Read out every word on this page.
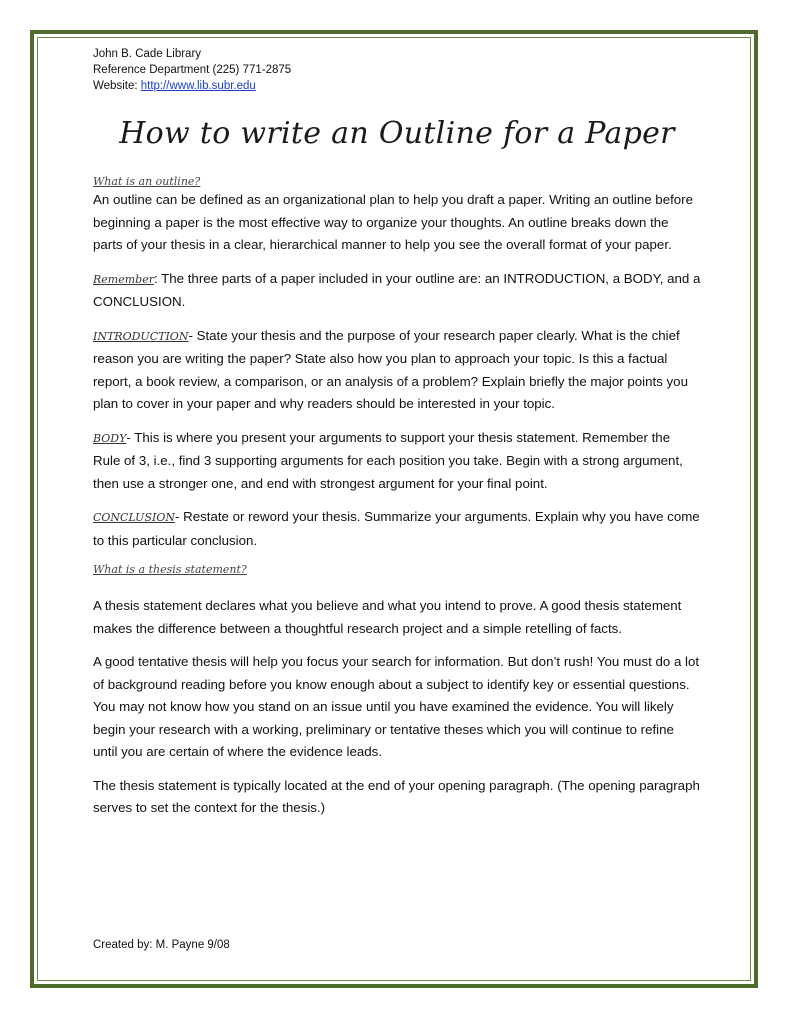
John B. Cade Library
Reference Department (225) 771-2875
Website: http://www.lib.subr.edu
How to write an Outline for a Paper
What is an outline?

An outline can be defined as an organizational plan to help you draft a paper. Writing an outline before beginning a paper is the most effective way to organize your thoughts. An outline breaks down the parts of your thesis in a clear, hierarchical manner to help you see the overall format of your paper.

Remember: The three parts of a paper included in your outline are: an INTRODUCTION, a BODY, and a CONCLUSION.

INTRODUCTION- State your thesis and the purpose of your research paper clearly. What is the chief reason you are writing the paper? State also how you plan to approach your topic. Is this a factual report, a book review, a comparison, or an analysis of a problem? Explain briefly the major points you plan to cover in your paper and why readers should be interested in your topic.

BODY- This is where you present your arguments to support your thesis statement. Remember the Rule of 3, i.e., find 3 supporting arguments for each position you take. Begin with a strong argument, then use a stronger one, and end with strongest argument for your final point.

CONCLUSION- Restate or reword your thesis. Summarize your arguments. Explain why you have come to this particular conclusion.

What is a thesis statement?

A thesis statement declares what you believe and what you intend to prove. A good thesis statement makes the difference between a thoughtful research project and a simple retelling of facts.

A good tentative thesis will help you focus your search for information. But don’t rush! You must do a lot of background reading before you know enough about a subject to identify key or essential questions. You may not know how you stand on an issue until you have examined the evidence. You will likely begin your research with a working, preliminary or tentative theses which you will continue to refine until you are certain of where the evidence leads.

The thesis statement is typically located at the end of your opening paragraph. (The opening paragraph serves to set the context for the thesis.)

Created by: M. Payne 9/08
